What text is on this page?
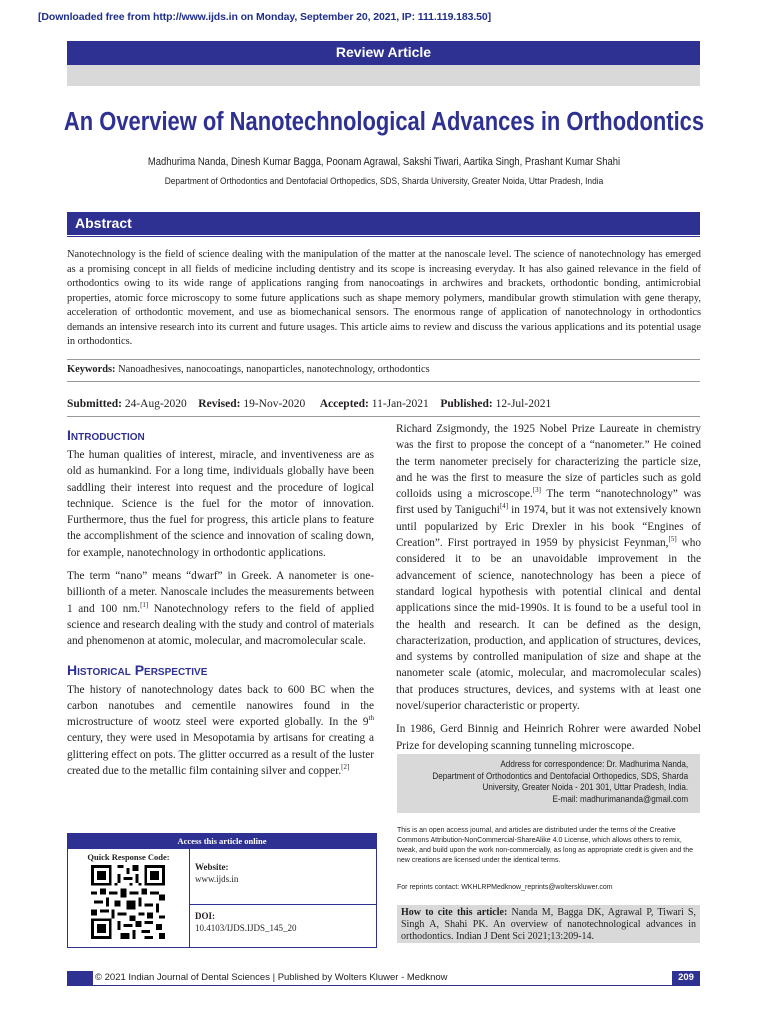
[Downloaded free from http://www.ijds.in on Monday, September 20, 2021, IP: 111.119.183.50]
Review Article
An Overview of Nanotechnological Advances in Orthodontics
Madhurima Nanda, Dinesh Kumar Bagga, Poonam Agrawal, Sakshi Tiwari, Aartika Singh, Prashant Kumar Shahi
Department of Orthodontics and Dentofacial Orthopedics, SDS, Sharda University, Greater Noida, Uttar Pradesh, India
Abstract
Nanotechnology is the field of science dealing with the manipulation of the matter at the nanoscale level. The science of nanotechnology has emerged as a promising concept in all fields of medicine including dentistry and its scope is increasing everyday. It has also gained relevance in the field of orthodontics owing to its wide range of applications ranging from nanocoatings in archwires and brackets, orthodontic bonding, antimicrobial properties, atomic force microscopy to some future applications such as shape memory polymers, mandibular growth stimulation with gene therapy, acceleration of orthodontic movement, and use as biomechanical sensors. The enormous range of application of nanotechnology in orthodontics demands an intensive research into its current and future usages. This article aims to review and discuss the various applications and its potential usage in orthodontics.
Keywords: Nanoadhesives, nanocoatings, nanoparticles, nanotechnology, orthodontics
Submitted: 24-Aug-2020 Revised: 19-Nov-2020 Accepted: 11-Jan-2021 Published: 12-Jul-2021
Introduction

The human qualities of interest, miracle, and inventiveness are as old as humankind. For a long time, individuals globally have been saddling their interest into request and the procedure of logical technique. Science is the fuel for the motor of innovation. Furthermore, thus the fuel for progress, this article plans to feature the accomplishment of the science and innovation of scaling down, for example, nanotechnology in orthodontic applications.

The term “nano” means “dwarf” in Greek. A nanometer is one-billionth of a meter. Nanoscale includes the measurements between 1 and 100 nm.[1] Nanotechnology refers to the field of applied science and research dealing with the study and control of materials and phenomenon at atomic, molecular, and macromolecular scale.

Historical Perspective

The history of nanotechnology dates back to 600 BC when the carbon nanotubes and cementile nanowires found in the microstructure of wootz steel were exported globally. In the 9th century, they were used in Mesopotamia by artisans for creating a glittering effect on pots. The glitter occurred as a result of the luster created due to the metallic film containing silver and copper.[2]

Richard Zsigmondy, the 1925 Nobel Prize Laureate in chemistry was the first to propose the concept of a “nanometer.” He coined the term nanometer precisely for characterizing the particle size, and he was the first to measure the size of particles such as gold colloids using a microscope.[3] The term “nanotechnology” was first used by Taniguchi[4] in 1974, but it was not extensively known until popularized by Eric Drexler in his book “Engines of Creation”. First portrayed in 1959 by physicist Feynman,[5] who considered it to be an unavoidable improvement in the advancement of science, nanotechnology has been a piece of standard logical hypothesis with potential clinical and dental applications since the mid-1990s. It is found to be a useful tool in the health and research. It can be defined as the design, characterization, production, and application of structures, devices, and systems by controlled manipulation of size and shape at the nanometer scale (atomic, molecular, and macromolecular scales) that produces structures, devices, and systems with at least one novel/superior characteristic or property.

In 1986, Gerd Binnig and Heinrich Rohrer were awarded Nobel Prize for developing scanning tunneling microscope.

Address for correspondence: Dr. Madhurima Nanda,
Department of Orthodontics and Dentofacial Orthopedics, SDS, Sharda
University, Greater Noida - 201 301, Uttar Pradesh, India.
E-mail: madhurimananda@gmail.com
This is an open access journal, and articles are distributed under the terms of the Creative Commons Attribution-NonCommercial-ShareAlike 4.0 License, which allows others to remix, tweak, and build upon the work non-commercially, as long as appropriate credit is given and the new creations are licensed under the identical terms.
For reprints contact: WKHLRPMedknow_reprints@wolterskluwer.com
How to cite this article: Nanda M, Bagga DK, Agrawal P, Tiwari S, Singh A, Shahi PK. An overview of nanotechnological advances in orthodontics. Indian J Dent Sci 2021;13:209-14.
Access this article online
Quick Response Code:
Website:
www.ijds.in
DOI:
10.4103/IJDS.IJDS_145_20
© 2021 Indian Journal of Dental Sciences | Published by Wolters Kluwer - Medknow	209
